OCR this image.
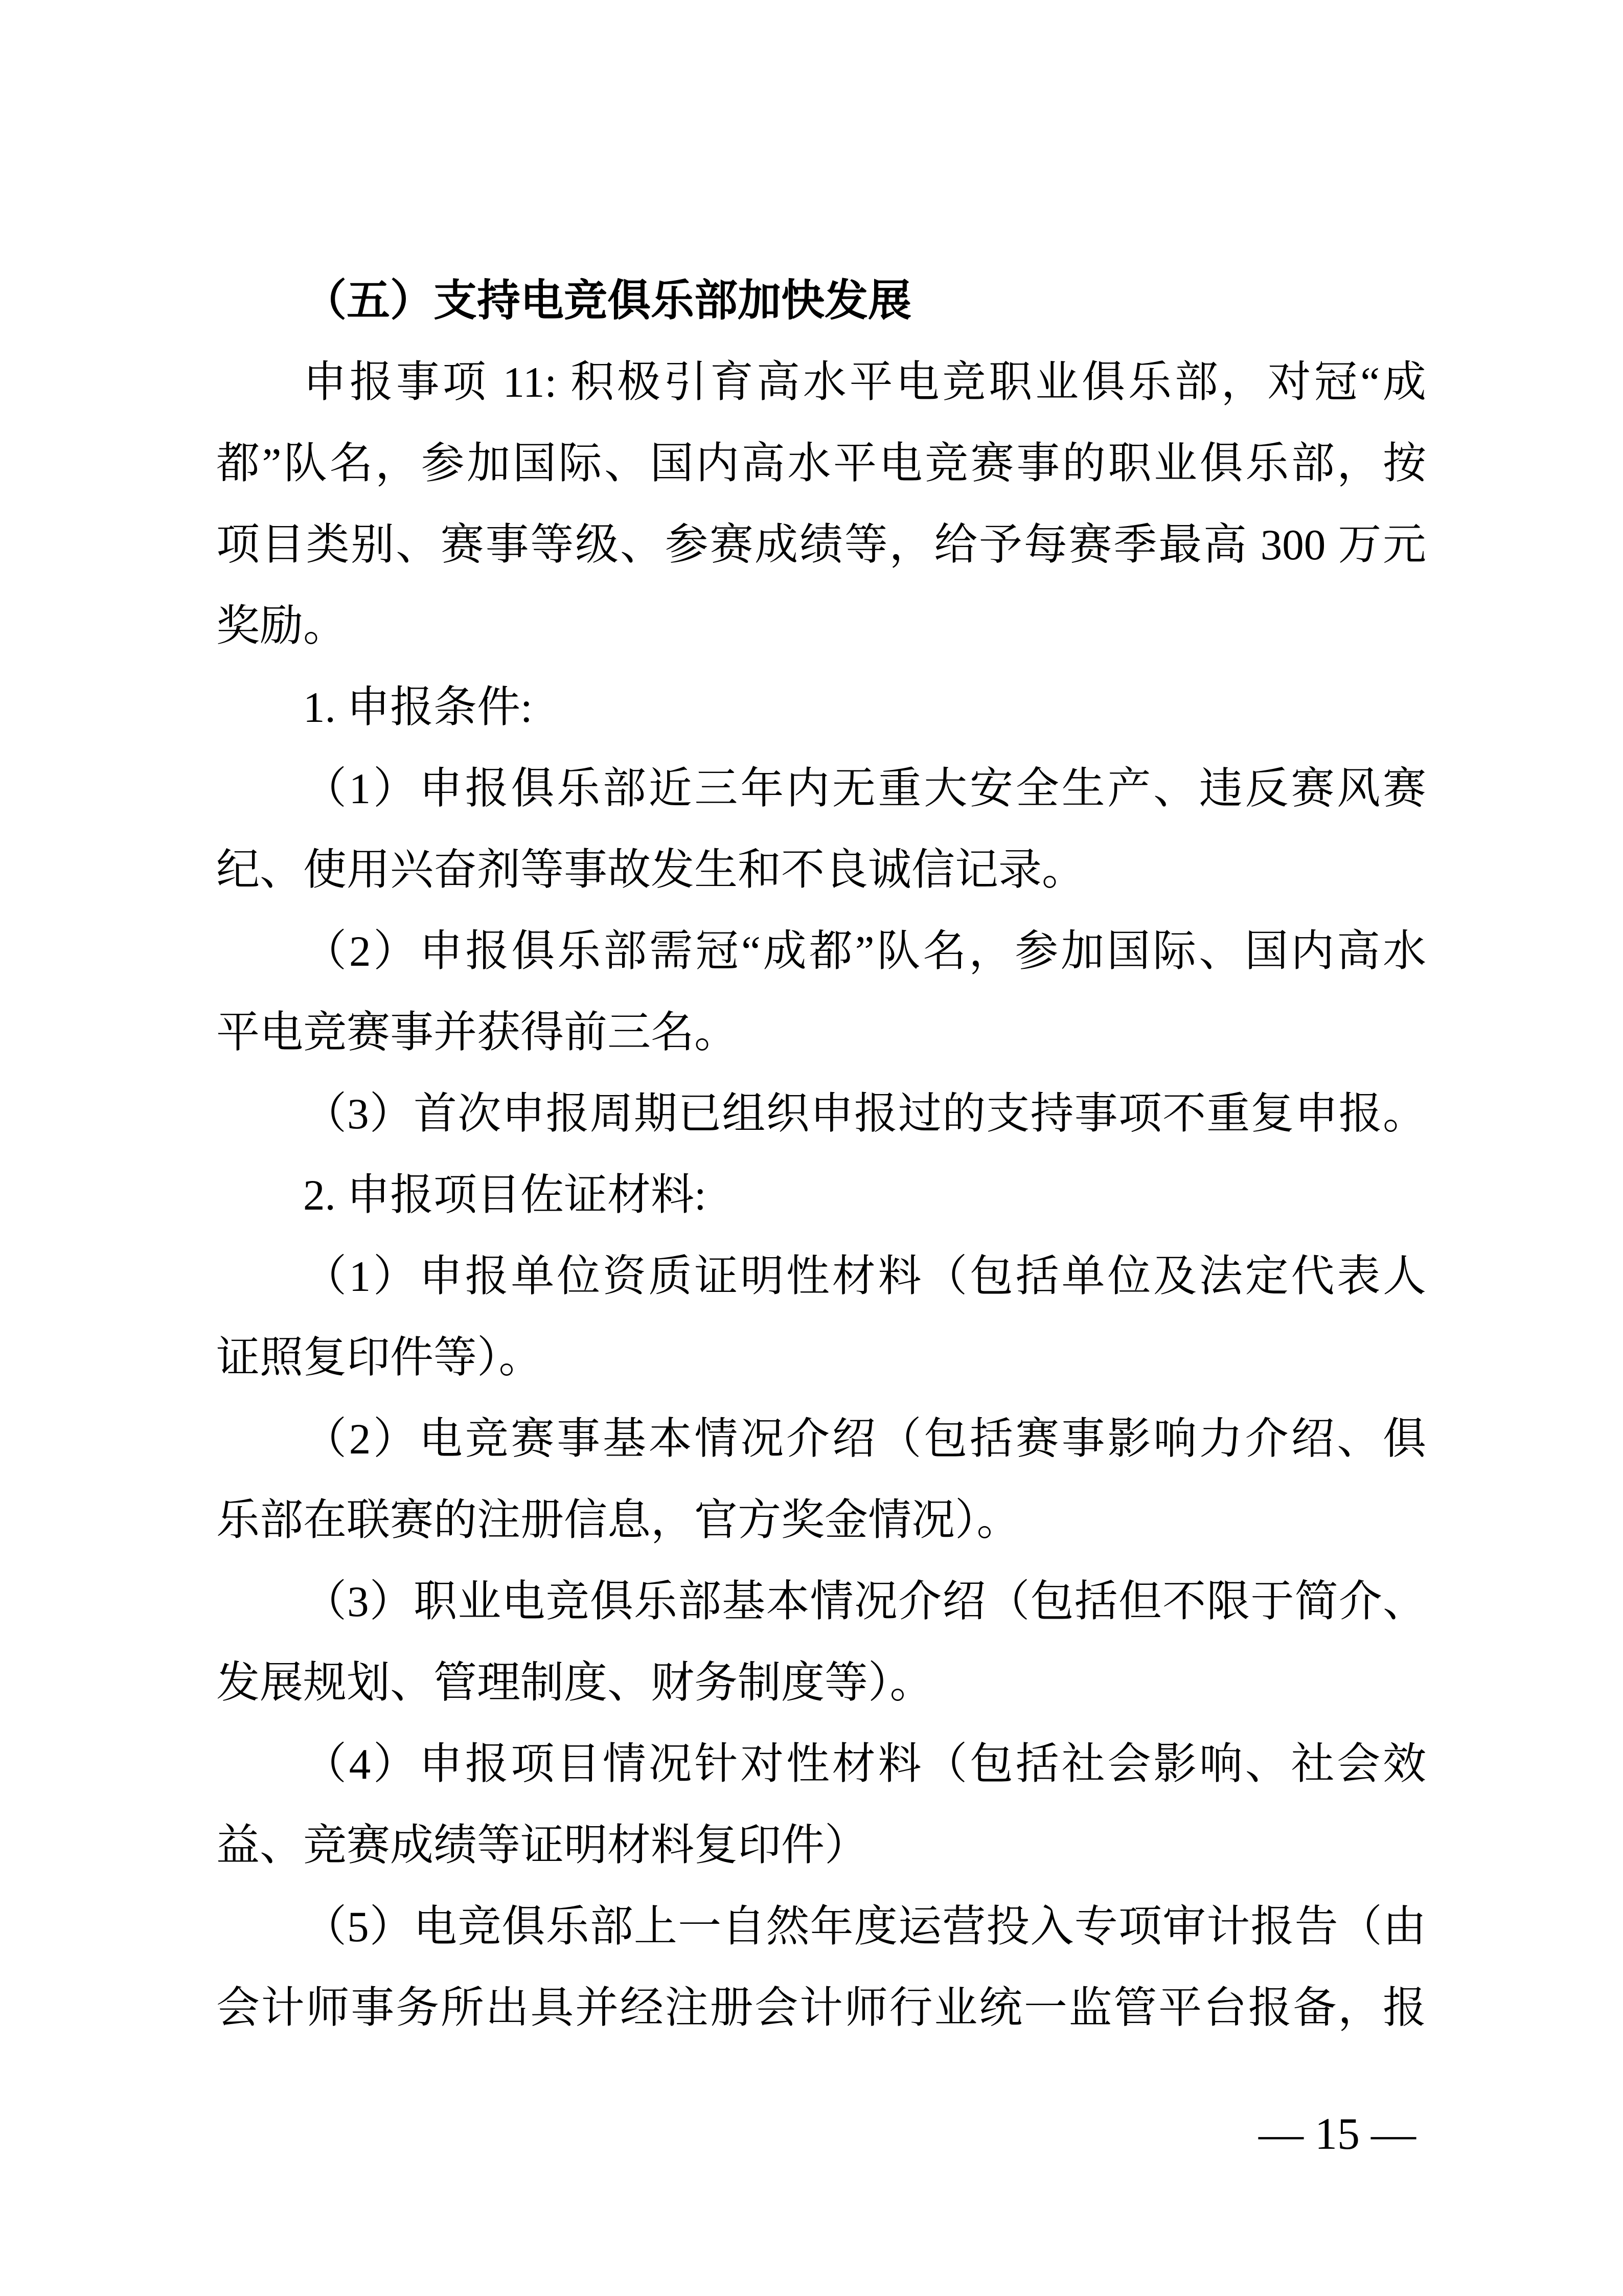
（五）支持电竞俱乐部加快发展
申报事项 11: 积极引育高水平电竞职业俱乐部，对冠“成
都”队名，参加国际、国内高水平电竞赛事的职业俱乐部，按
项目类别、赛事等级、参赛成绩等，给予每赛季最高 300 万元
奖励。
1. 申报条件:
（1）申报俱乐部近三年内无重大安全生产、违反赛风赛
纪、使用兴奋剂等事故发生和不良诚信记录。
（2）申报俱乐部需冠“成都”队名，参加国际、国内高水
平电竞赛事并获得前三名。
（3）首次申报周期已组织申报过的支持事项不重复申报。
2. 申报项目佐证材料:
（1）申报单位资质证明性材料（包括单位及法定代表人
证照复印件等）。
（2）电竞赛事基本情况介绍（包括赛事影响力介绍、俱
乐部在联赛的注册信息，官方奖金情况）。
（3）职业电竞俱乐部基本情况介绍（包括但不限于简介、
发展规划、管理制度、财务制度等）。
（4）申报项目情况针对性材料（包括社会影响、社会效
益、竞赛成绩等证明材料复印件）
（5）电竞俱乐部上一自然年度运营投入专项审计报告（由
会计师事务所出具并经注册会计师行业统一监管平台报备，报
— 15 —
